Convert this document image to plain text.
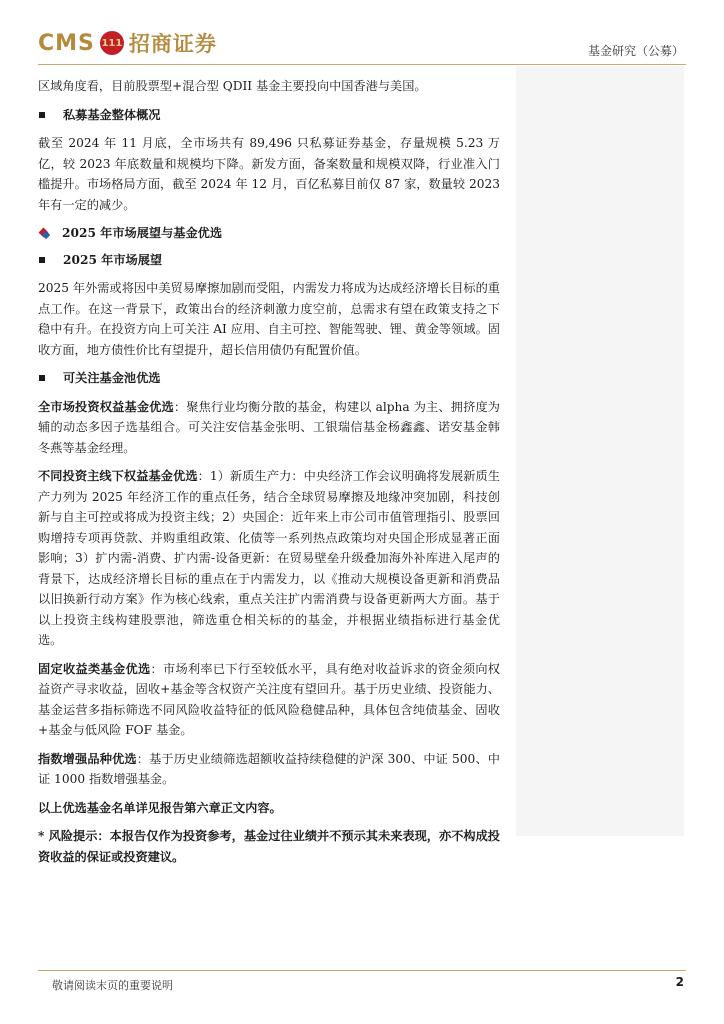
CMS 111 招商证券	基金研究（公募）

区域角度看，目前股票型+混合型 QDII 基金主要投向中国香港与美国。

私募基金整体概况

截至 2024 年 11 月底，全市场共有 89,496 只私募证券基金，存量规模 5.23 万亿，较 2023 年底数量和规模均下降。新发方面，备案数量和规模双降，行业准入门槛提升。市场格局方面，截至 2024 年 12 月，百亿私募目前仅 87 家，数量较 2023 年有一定的减少。

2025 年市场展望与基金优选
2025 年市场展望

2025 年外需或将因中美贸易摩擦加剧而受阻，内需发力将成为达成经济增长目标的重点工作。在这一背景下，政策出台的经济刺激力度空前，总需求有望在政策支持之下稳中有升。在投资方向上可关注 AI 应用、自主可控、智能驾驶、锂、黄金等领域。固收方面，地方债性价比有望提升，超长信用债仍有配置价值。

可关注基金池优选

全市场投资权益基金优选：聚焦行业均衡分散的基金，构建以 alpha 为主、拥挤度为辅的动态多因子选基组合。可关注安信基金张明、工银瑞信基金杨鑫鑫、诺安基金韩冬燕等基金经理。

不同投资主线下权益基金优选：1）新质生产力：中央经济工作会议明确将发展新质生产力列为 2025 年经济工作的重点任务，结合全球贸易摩擦及地缘冲突加剧，科技创新与自主可控或将成为投资主线；2）央国企：近年来上市公司市值管理指引、股票回购增持专项再贷款、并购重组政策、化债等一系列热点政策均对央国企形成显著正面影响；3）扩内需-消费、扩内需-设备更新：在贸易壁垒升级叠加海外补库进入尾声的背景下，达成经济增长目标的重点在于内需发力，以《推动大规模设备更新和消费品以旧换新行动方案》作为核心线索，重点关注扩内需消费与设备更新两大方面。基于以上投资主线构建股票池，筛选重仓相关标的的基金，并根据业绩指标进行基金优选。

固定收益类基金优选：市场利率已下行至较低水平，具有绝对收益诉求的资金须向权益资产寻求收益，固收+基金等含权资产关注度有望回升。基于历史业绩、投资能力、基金运营多指标筛选不同风险收益特征的低风险稳健品种，具体包含纯债基金、固收+基金与低风险 FOF 基金。

指数增强品种优选：基于历史业绩筛选超额收益持续稳健的沪深 300、中证 500、中证 1000 指数增强基金。

以上优选基金名单详见报告第六章正文内容。

* 风险提示：本报告仅作为投资参考，基金过往业绩并不预示其未来表现，亦不构成投资收益的保证或投资建议。

敬请阅读末页的重要说明	2
